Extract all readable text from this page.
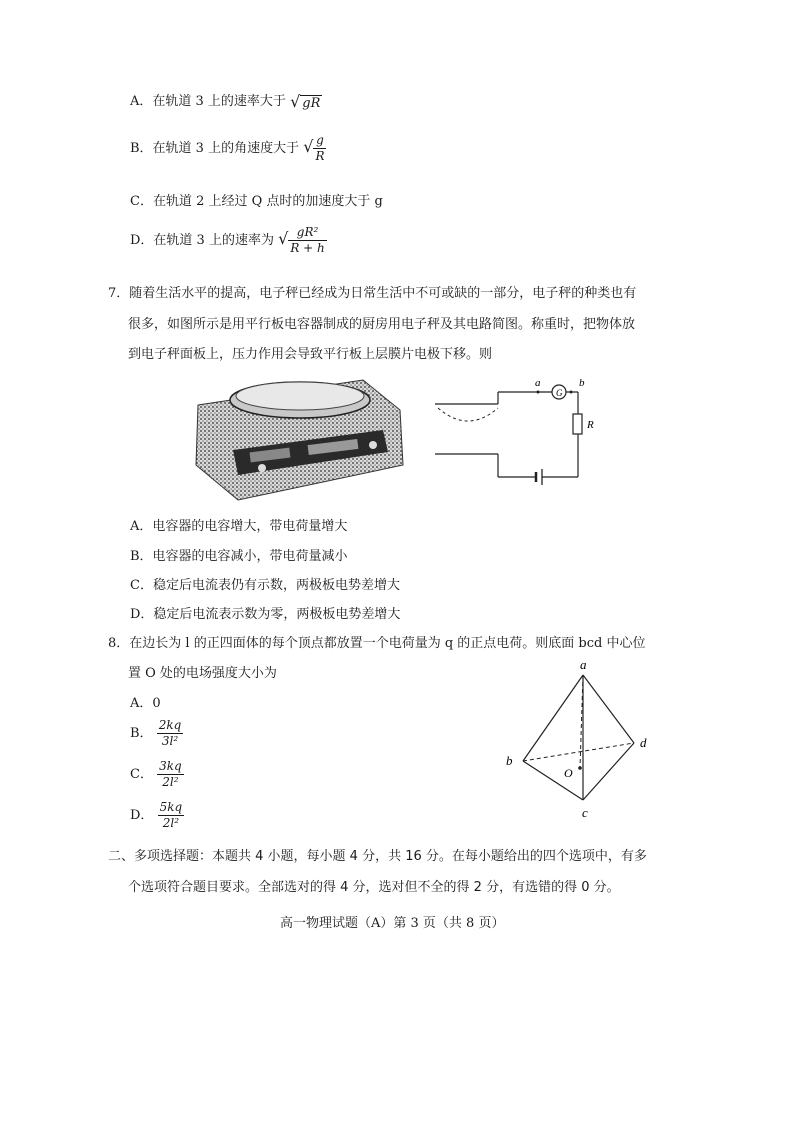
A．在轨道 3 上的速率大于 √ gR
B．在轨道 3 上的角速度大于 √ $\frac{g}{R}$
C．在轨道 2 上经过 Q 点时的加速度大于 g
D．在轨道 3 上的速率为 √ $\frac{\text{gR²}}{R + h}$
7．随着生活水平的提高，电子秤已经成为日常生活中不可或缺的一部分，电子秤的种类也有
很多，如图所示是用平行板电容器制成的厨房用电子秤及其电路简图。称重时，把物体放
到电子秤面板上，压力作用会导致平行板上层膜片电极下移。则
G
a	b
R
A．电容器的电容增大，带电荷量增大
B．电容器的电容减小，带电荷量减小
C．稳定后电流表仍有示数，两极板电势差增大
D．稳定后电流表示数为零，两极板电势差增大
8．在边长为 l 的正四面体的每个顶点都放置一个电荷量为 q 的正点电荷。则底面 bcd 中心位
置 O 处的电场强度大小为
A．0
B． $\frac{2kq}{\text{3l²}}$
C． $\frac{3kq}{\text{2l²}}$
D． $\frac{5kq}{\text{2l²}}$
a
b
c
d
O
二、多项选择题：本题共 4 小题，每小题 4 分，共 16 分。在每小题给出的四个选项中，有多
个选项符合题目要求。全部选对的得 4 分，选对但不全的得 2 分，有选错的得 0 分。
高一物理试题（A）第 3 页（共 8 页）
